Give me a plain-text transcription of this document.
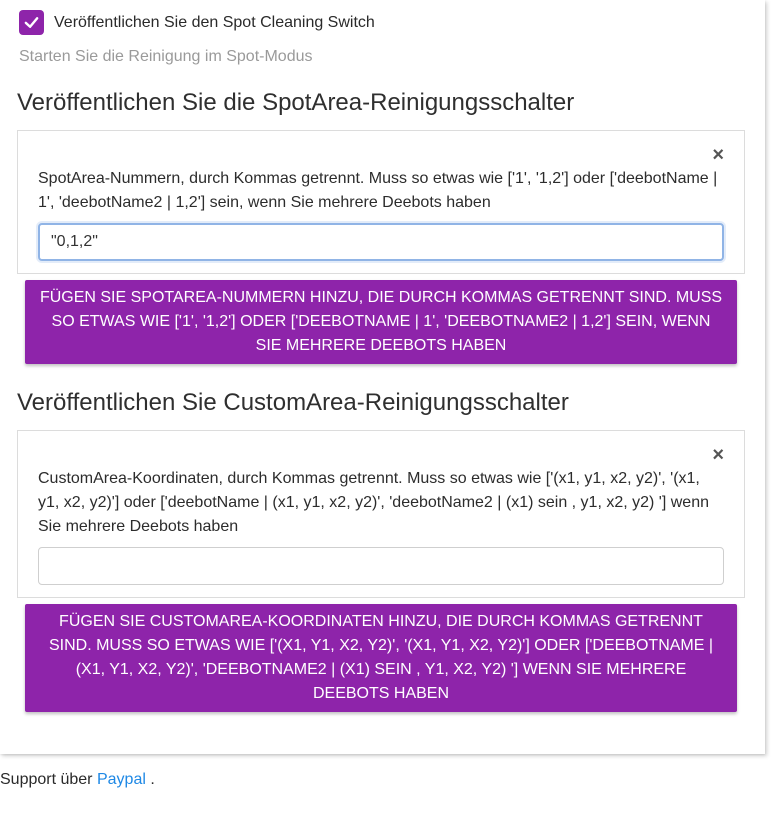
Veröffentlichen Sie den Spot Cleaning Switch
Starten Sie die Reinigung im Spot-Modus
Veröffentlichen Sie die SpotArea-Reinigungsschalter
×
SpotArea-Nummern, durch Kommas getrennt. Muss so etwas wie ['1', '1,2'] oder ['deebotName | 1', 'deebotName2 | 1,2'] sein, wenn Sie mehrere Deebots haben
"0,1,2"
FÜGEN SIE SPOTAREA-NUMMERN HINZU, DIE DURCH KOMMAS GETRENNT SIND. MUSS SO ETWAS WIE ['1', '1,2'] ODER ['DEEBOTNAME | 1', 'DEEBOTNAME2 | 1,2'] SEIN, WENN SIE MEHRERE DEEBOTS HABEN
Veröffentlichen Sie CustomArea-Reinigungsschalter
×
CustomArea-Koordinaten, durch Kommas getrennt. Muss so etwas wie ['(x1, y1, x2, y2)', '(x1, y1, x2, y2)'] oder ['deebotName | (x1, y1, x2, y2)', 'deebotName2 | (x1) sein , y1, x2, y2) '] wenn Sie mehrere Deebots haben
FÜGEN SIE CUSTOMAREA-KOORDINATEN HINZU, DIE DURCH KOMMAS GETRENNT SIND. MUSS SO ETWAS WIE ['(X1, Y1, X2, Y2)', '(X1, Y1, X2, Y2)'] ODER ['DEEBOTNAME | (X1, Y1, X2, Y2)', 'DEEBOTNAME2 | (X1) SEIN , Y1, X2, Y2) '] WENN SIE MEHRERE DEEBOTS HABEN
Support über Paypal .
